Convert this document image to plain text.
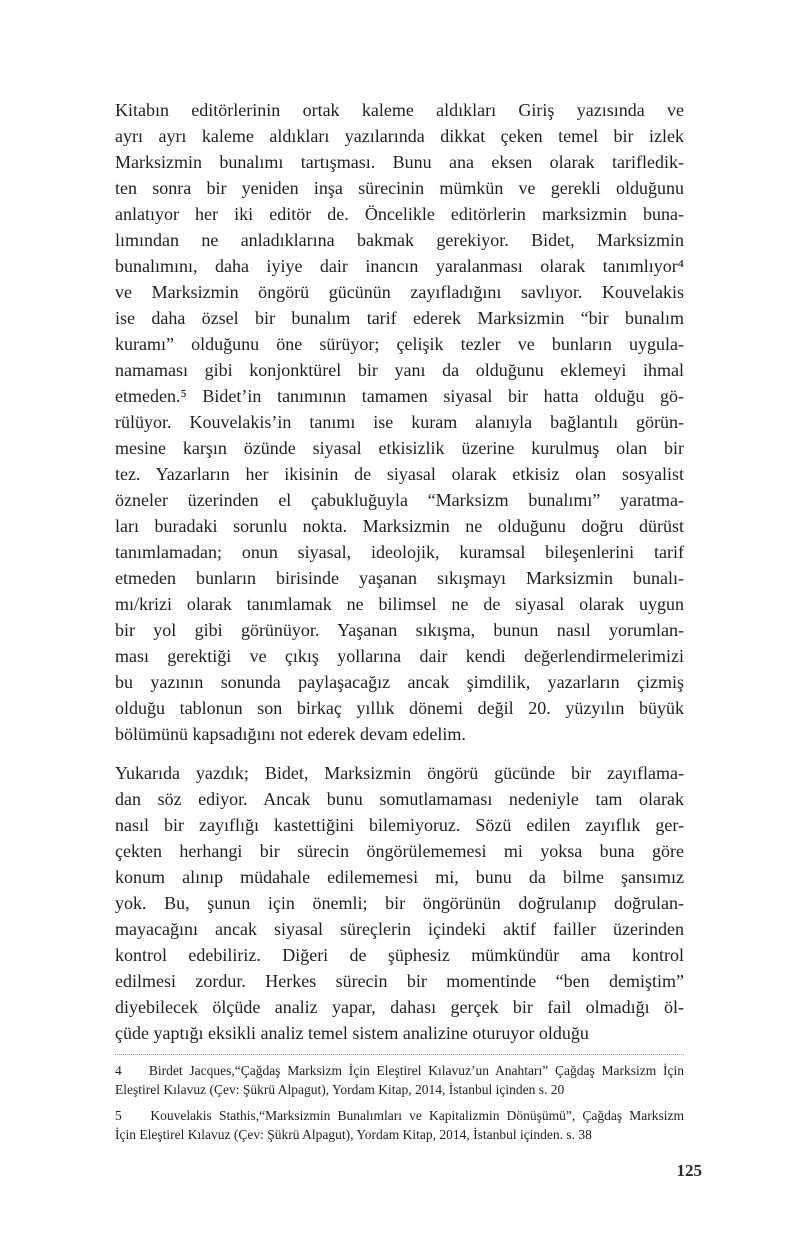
Kitabın editörlerinin ortak kaleme aldıkları Giriş yazısında ve
ayrı ayrı kaleme aldıkları yazılarında dikkat çeken temel bir izlek
Marksizmin bunalımı tartışması. Bunu ana eksen olarak tarifledik-
ten sonra bir yeniden inşa sürecinin mümkün ve gerekli olduğunu
anlatıyor her iki editör de. Öncelikle editörlerin marksizmin buna-
lımından ne anladıklarına bakmak gerekiyor. Bidet, Marksizmin
bunalımını, daha iyiye dair inancın yaralanması olarak tanımlıyor⁴
ve Marksizmin öngörü gücünün zayıfladığını savlıyor. Kouvelakis
ise daha özsel bir bunalım tarif ederek Marksizmin “bir bunalım
kuramı” olduğunu öne sürüyor; çelişik tezler ve bunların uygula-
namaması gibi konjonktürel bir yanı da olduğunu eklemeyi ihmal
etmeden.⁵ Bidet’in tanımının tamamen siyasal bir hatta olduğu gö-
rülüyor. Kouvelakis’in tanımı ise kuram alanıyla bağlantılı görün-
mesine karşın özünde siyasal etkisizlik üzerine kurulmuş olan bir
tez. Yazarların her ikisinin de siyasal olarak etkisiz olan sosyalist
özneler üzerinden el çabukluğuyla “Marksizm bunalımı” yaratma-
ları buradaki sorunlu nokta. Marksizmin ne olduğunu doğru dürüst
tanımlamadan; onun siyasal, ideolojik, kuramsal bileşenlerini tarif
etmeden bunların birisinde yaşanan sıkışmayı Marksizmin bunalı-
mı/krizi olarak tanımlamak ne bilimsel ne de siyasal olarak uygun
bir yol gibi görünüyor. Yaşanan sıkışma, bunun nasıl yorumlan-
ması gerektiği ve çıkış yollarına dair kendi değerlendirmelerimizi
bu yazının sonunda paylaşacağız ancak şimdilik, yazarların çizmiş
olduğu tablonun son birkaç yıllık dönemi değil 20. yüzyılın büyük
bölümünü kapsadığını not ederek devam edelim.
Yukarıda yazdık; Bidet, Marksizmin öngörü gücünde bir zayıflama-
dan söz ediyor. Ancak bunu somutlamaması nedeniyle tam olarak
nasıl bir zayıflığı kastettiğini bilemiyoruz. Sözü edilen zayıflık ger-
çekten herhangi bir sürecin öngörülememesi mi yoksa buna göre
konum alınıp müdahale edilememesi mi, bunu da bilme şansımız
yok. Bu, şunun için önemli; bir öngörünün doğrulanıp doğrulan-
mayacağını ancak siyasal süreçlerin içindeki aktif failler üzerinden
kontrol edebiliriz. Diğeri de şüphesiz mümkündür ama kontrol
edilmesi zordur. Herkes sürecin bir momentinde “ben demiştim”
diyebilecek ölçüde analiz yapar, dahası gerçek bir fail olmadığı öl-
çüde yaptığı eksikli analiz temel sistem analizine oturuyor olduğu
4    Birdet Jacques,“Çağdaş Marksizm İçin Eleştirel Kılavuz’un Anahtarı” Çağdaş Marksizm İçin
Eleştirel Kılavuz (Çev: Şükrü Alpagut), Yordam Kitap, 2014, İstanbul içinden s. 20
5    Kouvelakis Stathis,“Marksizmin Bunalımları ve Kapitalizmin Dönüşümü”, Çağdaş Marksizm
İçin Eleştirel Kılavuz (Çev: Şükrü Alpagut), Yordam Kitap, 2014, İstanbul içinden. s. 38
125
